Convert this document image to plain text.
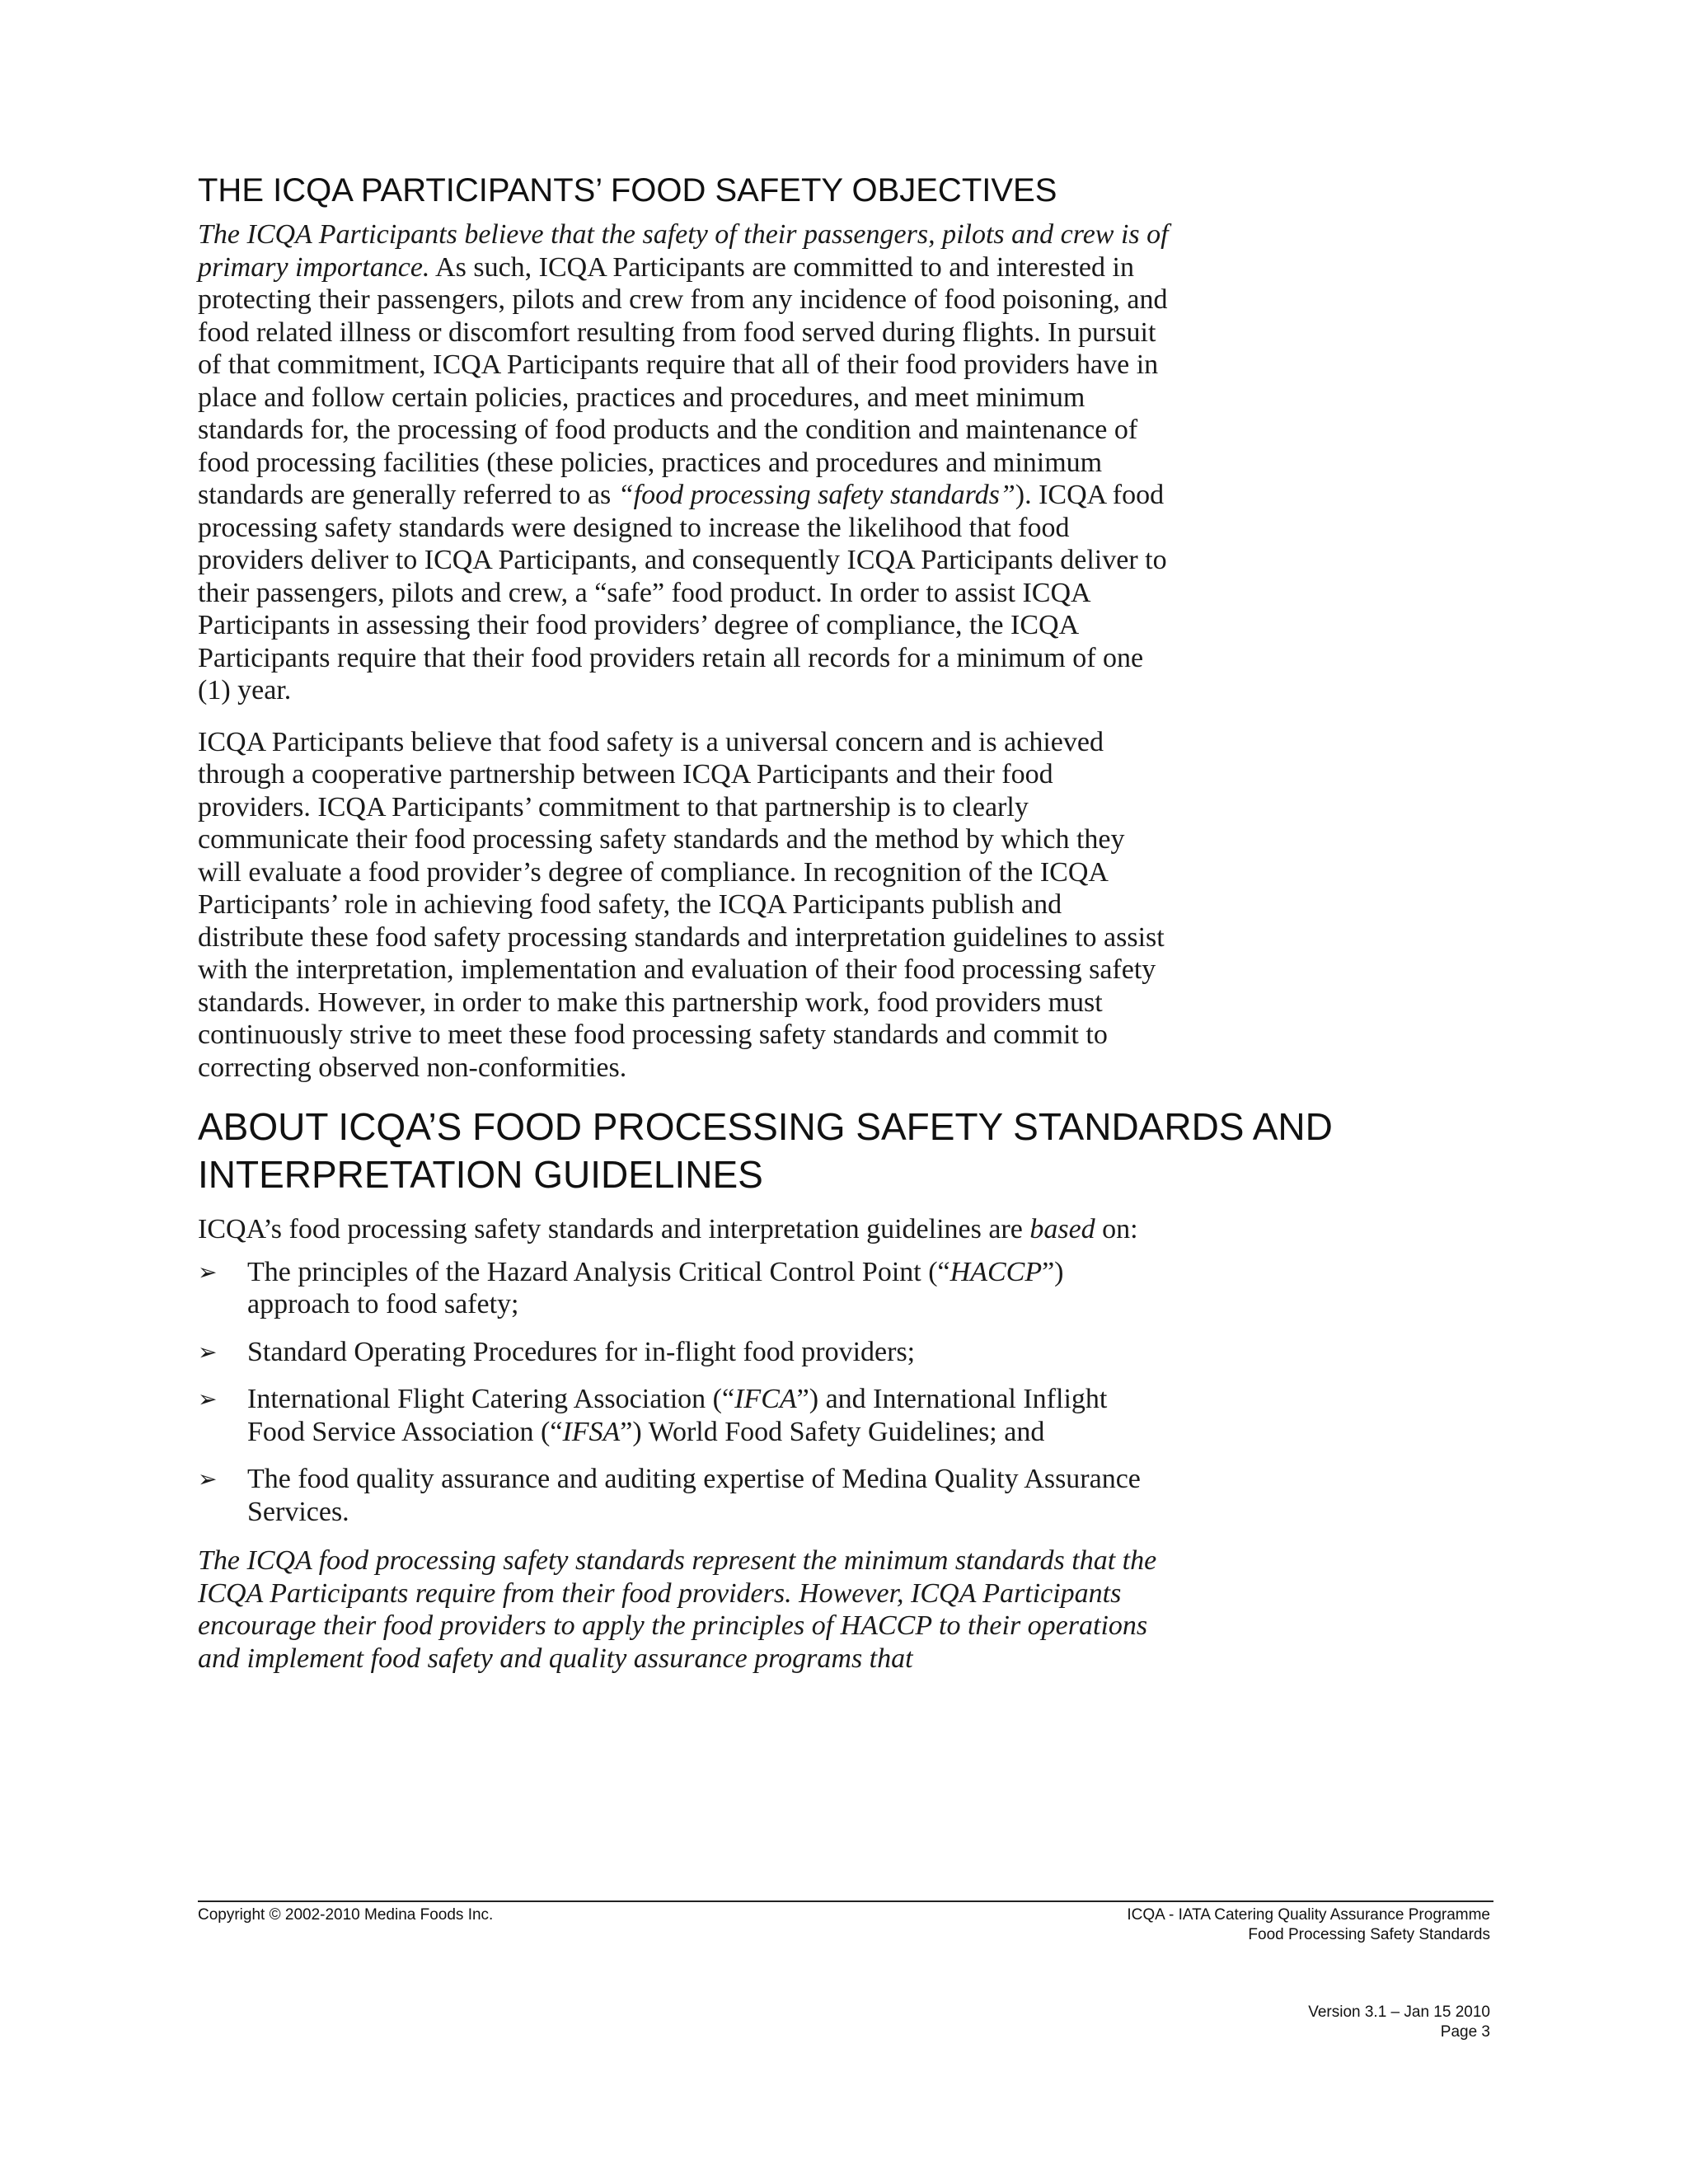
THE ICQA PARTICIPANTS’ FOOD SAFETY OBJECTIVES

The ICQA Participants believe that the safety of their passengers, pilots and crew is of primary importance. As such, ICQA Participants are committed to and interested in protecting their passengers, pilots and crew from any incidence of food poisoning, and food related illness or discomfort resulting from food served during flights. In pursuit of that commitment, ICQA Participants require that all of their food providers have in place and follow certain policies, practices and procedures, and meet minimum standards for, the processing of food products and the condition and maintenance of food processing facilities (these policies, practices and procedures and minimum standards are generally referred to as “food processing safety standards”). ICQA food processing safety standards were designed to increase the likelihood that food providers deliver to ICQA Participants, and consequently ICQA Participants deliver to their passengers, pilots and crew, a “safe” food product. In order to assist ICQA Participants in assessing their food providers’ degree of compliance, the ICQA Participants require that their food providers retain all records for a minimum of one (1) year.

ICQA Participants believe that food safety is a universal concern and is achieved through a cooperative partnership between ICQA Participants and their food providers. ICQA Participants’ commitment to that partnership is to clearly communicate their food processing safety standards and the method by which they will evaluate a food provider’s degree of compliance. In recognition of the ICQA Participants’ role in achieving food safety, the ICQA Participants publish and distribute these food safety processing standards and interpretation guidelines to assist with the interpretation, implementation and evaluation of their food processing safety standards. However, in order to make this partnership work, food providers must continuously strive to meet these food processing safety standards and commit to correcting observed non-conformities.

ABOUT ICQA’S FOOD PROCESSING SAFETY STANDARDS AND INTERPRETATION GUIDELINES

ICQA’s food processing safety standards and interpretation guidelines are based on:

➢ The principles of the Hazard Analysis Critical Control Point (“HACCP”) approach to food safety;
➢ Standard Operating Procedures for in-flight food providers;
➢ International Flight Catering Association (“IFCA”) and International Inflight Food Service Association (“IFSA”) World Food Safety Guidelines; and
➢ The food quality assurance and auditing expertise of Medina Quality Assurance Services.

The ICQA food processing safety standards represent the minimum standards that the ICQA Participants require from their food providers. However, ICQA Participants encourage their food providers to apply the principles of HACCP to their operations and implement food safety and quality assurance programs that

Copyright © 2002-2010 Medina Foods Inc.	ICQA - IATA Catering Quality Assurance Programme
Food Processing Safety Standards
Version 3.1 – Jan 15 2010
Page 3
